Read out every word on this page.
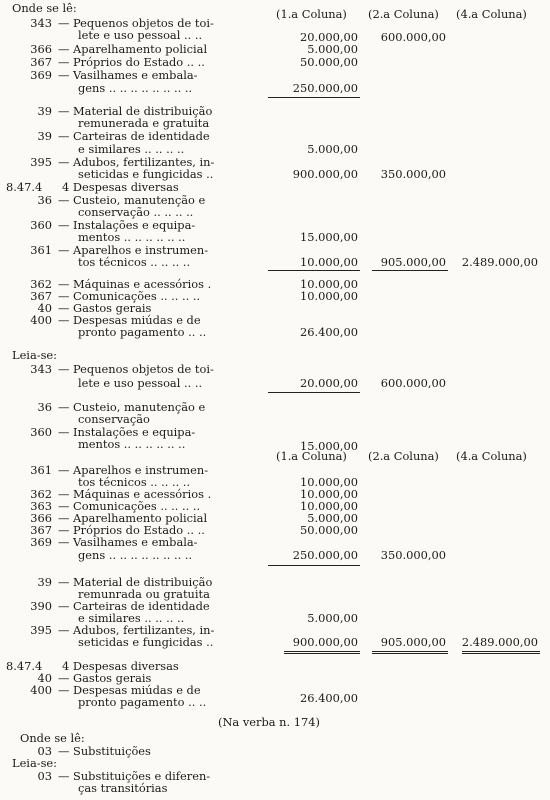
Onde se lê:	(1.a Coluna) (2.a Coluna) (4.a Coluna)
343 — Pequenos objetos de toi-
lete e uso pessoal .. ..	20.000,00 600.000,00
366 — Aparelhamento policial	5.000,00
367 — Próprios do Estado .. ..	50.000,00
369 — Vasilhames e embala-
gens .. .. .. .. .. .. .. ..	250.000,00
39 — Material de distribuição
remunerada e gratuita
39 — Carteiras de identidade
e similares .. .. .. ..	5.000,00
395 — Adubos, fertilizantes, in-
seticidas e fungicidas ..	900.000,00 350.000,00
8.47.4 4 Despesas diversas
36 — Custeio, manutenção e
conservação .. .. .. ..
360 — Instalações e equipa-
mentos .. .. .. .. .. ..	15.000,00
361 — Aparelhos e instrumen-
tos técnicos .. .. .. ..	10.000,00 905.000,00 2.489.000,00
362 — Máquinas e acessórios .	10.000,00
367 — Comunicações .. .. .. ..	10.000,00
40 — Gastos gerais
400 — Despesas miúdas e de
pronto pagamento .. ..	26.400,00
Leia-se:
343 — Pequenos objetos de toi-
lete e uso pessoal .. ..	20.000,00 600.000,00
36 — Custeio, manutenção e
conservação
360 — Instalações e equipa-
mentos .. .. .. .. .. ..	15.000,00
(1.a Coluna) (2.a Coluna) (4.a Coluna)
361 — Aparelhos e instrumen-
tos técnicos .. .. .. ..	10.000,00
362 — Máquinas e acessórios .	10.000,00
363 — Comunicações .. .. .. ..	10.000,00
366 — Aparelhamento policial	5.000,00
367 — Próprios do Estado .. ..	50.000,00
369 — Vasilhames e embala-
gens .. .. .. .. .. .. .. ..	250.000,00 350.000,00
39 — Material de distribuição
remunrada ou gratuita
390 — Carteiras de identidade
e similares .. .. .. ..	5.000,00
395 — Adubos, fertilizantes, in-
seticidas e fungicidas ..	900.000,00 905.000,00 2.489.000,00
8.47.4 4 Despesas diversas
40 — Gastos gerais
400 — Despesas miúdas e de
pronto pagamento .. ..	26.400,00
(Na verba n. 174)
Onde se lê:
03 — Substituições
Leia-se:
03 — Substituições e diferen-
ças transitórias
